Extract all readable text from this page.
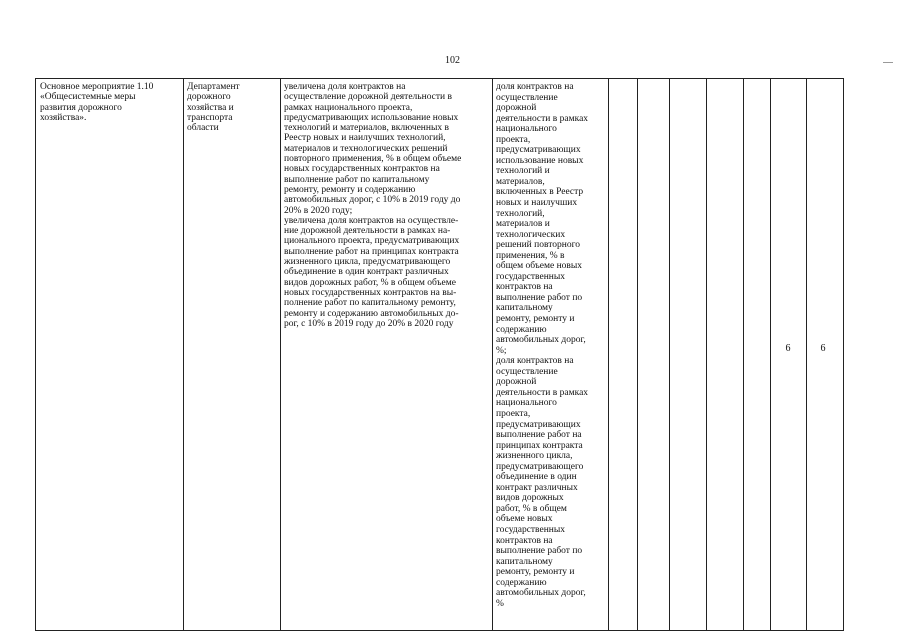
102
Основное мероприятие 1.10
«Общесистемные меры
развития дорожного
хозяйства».
Департамент
дорожного
хозяйства и
транспорта
области
увеличена доля контрактов на
осуществление дорожной деятельности в
рамках национального проекта,
предусматривающих использование новых
технологий и материалов, включенных в
Реестр новых и наилучших технологий,
материалов и технологических решений
повторного применения, % в общем объеме
новых государственных контрактов на
выполнение работ по капитальному
ремонту, ремонту и содержанию
автомобильных дорог, с 10% в 2019 году до
20% в 2020 году;
увеличена доля контрактов на осуществле-
ние дорожной деятельности в рамках на-
ционального проекта, предусматривающих
выполнение работ на принципах контракта
жизненного цикла, предусматривающего
объединение в один контракт различных
видов дорожных работ, % в общем объеме
новых государственных контрактов на вы-
полнение работ по капитальному ремонту,
ремонту и содержанию автомобильных до-
рог, с 10% в 2019 году до 20% в 2020 году
доля контрактов на
осуществление
дорожной
деятельности в рамках
национального
проекта,
предусматривающих
использование новых
технологий и
материалов,
включенных в Реестр
новых и наилучших
технологий,
материалов и
технологических
решений повторного
применения, % в
общем объеме новых
государственных
контрактов на
выполнение работ по
капитальному
ремонту, ремонту и
содержанию
автомобильных дорог,
%;
доля контрактов на
осуществление
дорожной
деятельности в рамках
национального
проекта,
предусматривающих
выполнение работ на
принципах контракта
жизненного цикла,
предусматривающего
объединение в один
контракт различных
видов дорожных
работ, % в общем
объеме новых
государственных
контрактов на
выполнение работ по
капитальному
ремонту, ремонту и
содержанию
автомобильных дорог,
%
6	6
